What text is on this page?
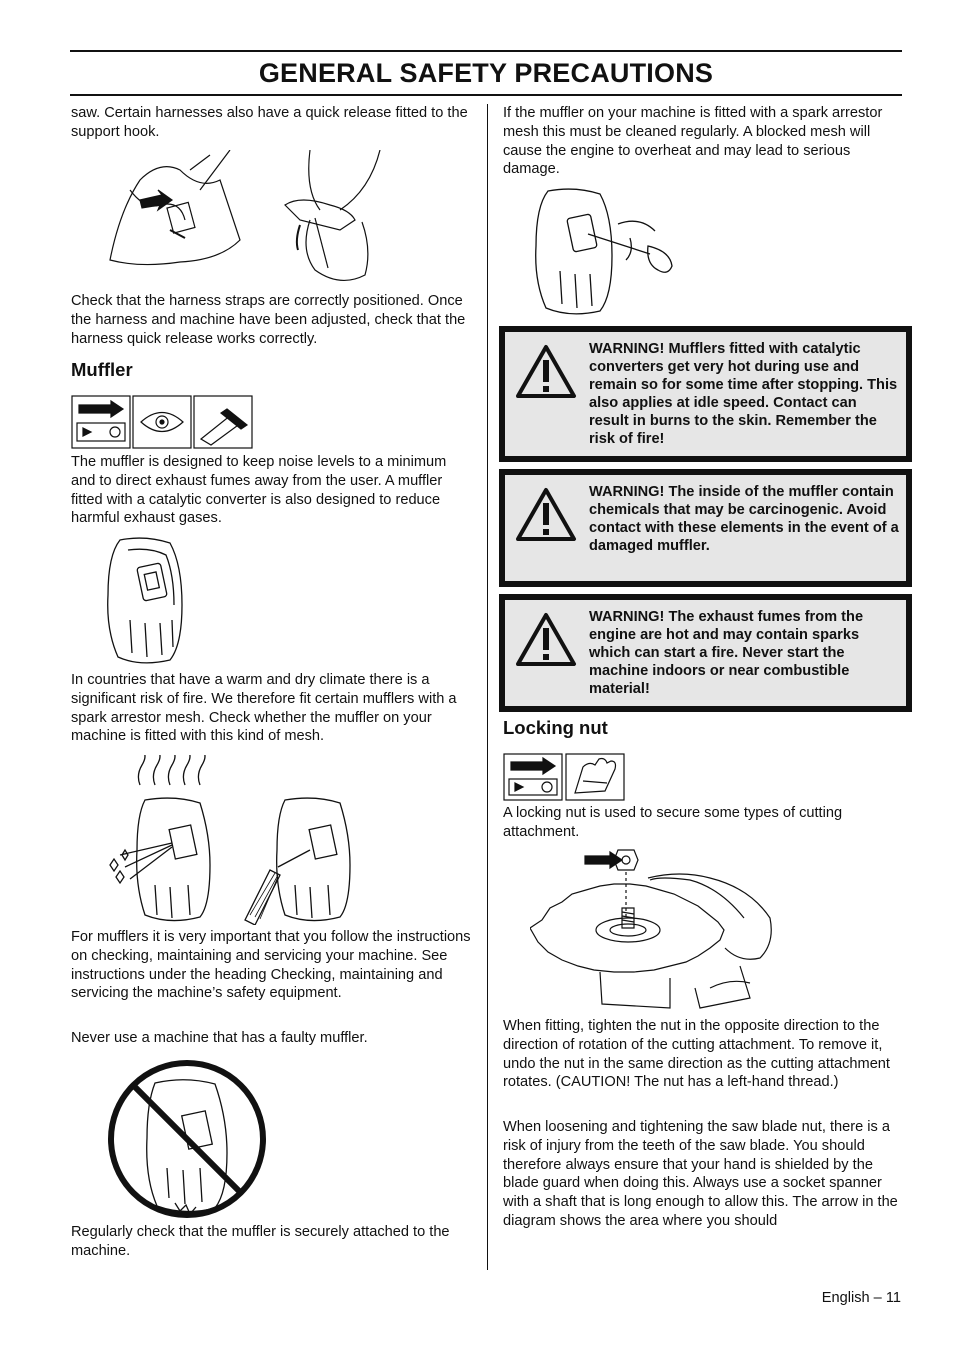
GENERAL SAFETY PRECAUTIONS
saw. Certain harnesses also have a quick release fitted to the support hook.
Check that the harness straps are correctly positioned. Once the harness and machine have been adjusted, check that the harness quick release works correctly.
Muffler
The muffler is designed to keep noise levels to a minimum and to direct exhaust fumes away from the user. A muffler fitted with a catalytic converter is also designed to reduce harmful exhaust gases.
In countries that have a warm and dry climate there is a significant risk of fire. We therefore fit certain mufflers with a spark arrestor mesh. Check whether the muffler on your machine is fitted with this kind of mesh.
For mufflers it is very important that you follow the instructions on checking, maintaining and servicing your machine. See instructions under the heading Checking, maintaining and servicing the machine’s safety equipment.
Never use a machine that has a faulty muffler.
Regularly check that the muffler is securely attached to the machine.
If the muffler on your machine is fitted with a spark arrestor mesh this must be cleaned regularly. A blocked mesh will cause the engine to overheat and may lead to serious damage.
WARNING! Mufflers fitted with catalytic converters get very hot during use and remain so for some time after stopping. This also applies at idle speed. Contact can result in burns to the skin. Remember the risk of fire!
WARNING! The inside of the muffler contain chemicals that may be carcinogenic. Avoid contact with these elements in the event of a damaged muffler.
WARNING! The exhaust fumes from the engine are hot and may contain sparks which can start a fire. Never start the machine indoors or near combustible material!
Locking nut
A locking nut is used to secure some types of cutting attachment.
When fitting, tighten the nut in the opposite direction to the direction of rotation of the cutting attachment. To remove it, undo the nut in the same direction as the cutting attachment rotates. (CAUTION! The nut has a left-hand thread.)
When loosening and tightening the saw blade nut, there is a risk of injury from the teeth of the saw blade. You should therefore always ensure that your hand is shielded by the blade guard when doing this. Always use a socket spanner with a shaft that is long enough to allow this. The arrow in the diagram shows the area where you should
English – 11
